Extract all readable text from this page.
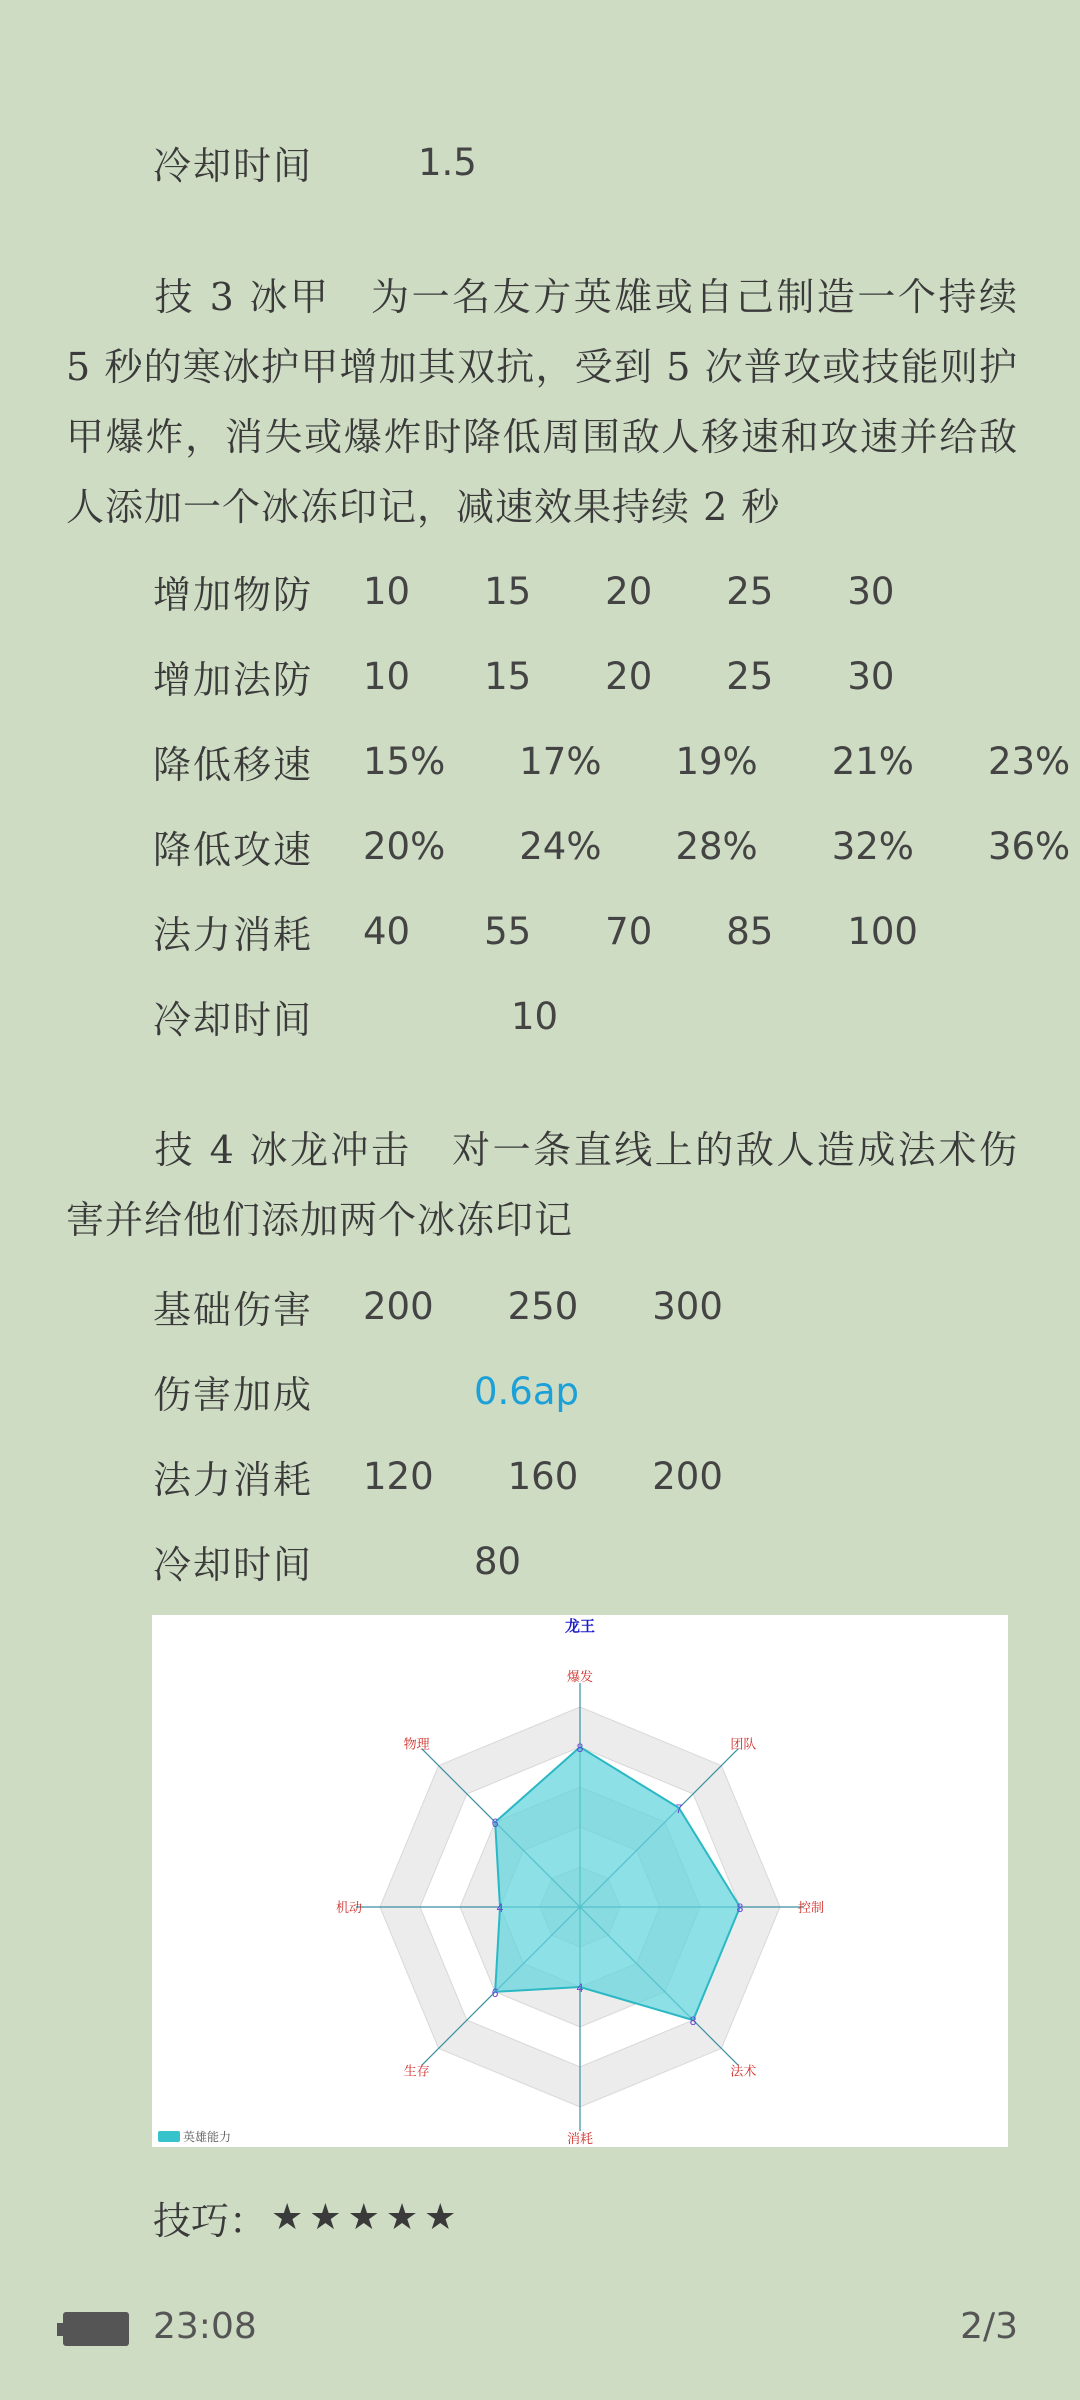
冷却时间	1.5
技 3 冰甲  为一名友方英雄或自己制造一个持续 5 秒的寒冰护甲增加其双抗，受到 5 次普攻或技能则护甲爆炸，消失或爆炸时降低周围敌人移速和攻速并给敌人添加一个冰冻印记，减速效果持续 2 秒
增加物防	10  15  20  25  30
增加法防	10  15  20  25  30
降低移速	15%  17%  19%  21%  23%
降低攻速	20%  24%  28%  32%  36%
法力消耗	40  55  70  85  100
冷却时间	    10
技 4 冰龙冲击  对一条直线上的敌人造成法术伤害并给他们添加两个冰冻印记
基础伤害	200  250  300
伤害加成	   0.6ap
法力消耗	120  160  200
冷却时间	   80
8
7
8
8
4
6
4
6
爆发
团队
控制
法术
消耗
生存
机动
物理
龙王
英雄能力
技巧： ★★★★★
23:08	2/3
